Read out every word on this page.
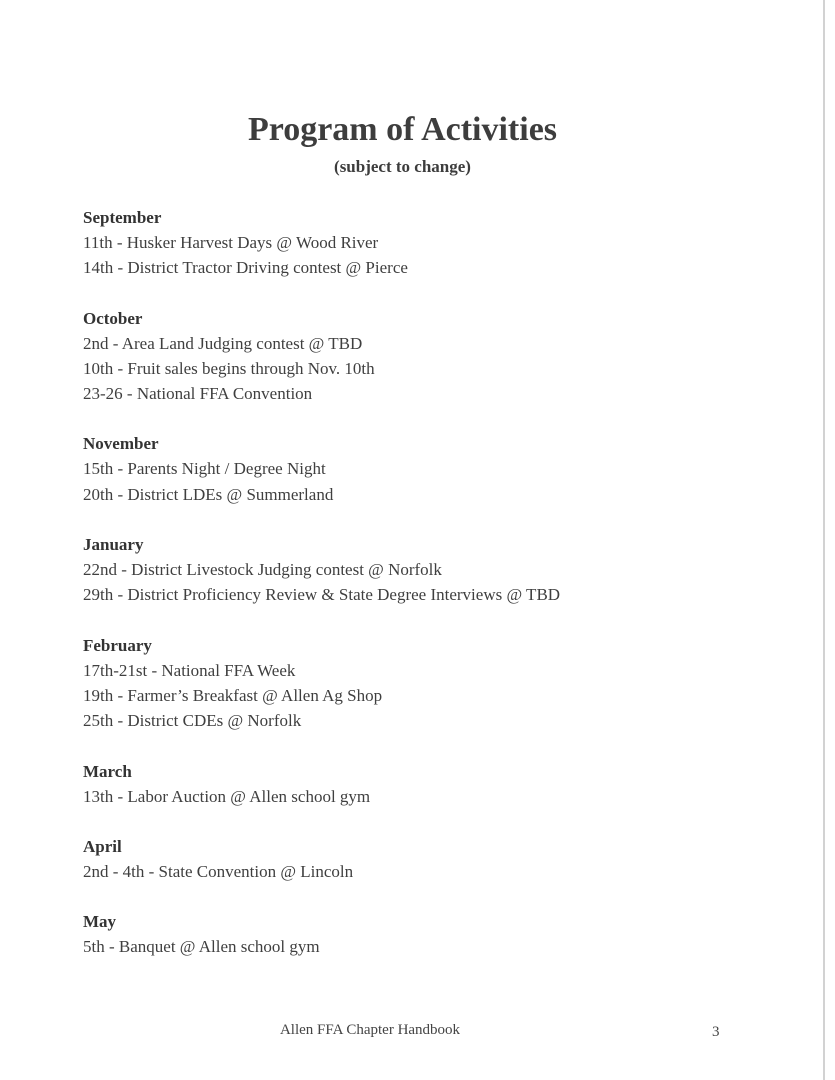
Program of Activities
(subject to change)
September
11th - Husker Harvest Days @ Wood River
14th - District Tractor Driving contest @ Pierce
October
2nd - Area Land Judging contest @ TBD
10th - Fruit sales begins through Nov. 10th
23-26 - National FFA Convention
November
15th - Parents Night / Degree Night
20th - District LDEs @ Summerland
January
22nd - District Livestock Judging contest @ Norfolk
29th - District Proficiency Review & State Degree Interviews @ TBD
February
17th-21st - National FFA Week
19th - Farmer’s Breakfast @ Allen Ag Shop
25th - District CDEs @ Norfolk
March
13th - Labor Auction @ Allen school gym
April
2nd - 4th - State Convention @ Lincoln
May
5th - Banquet @ Allen school gym
Allen FFA Chapter Handbook	3
